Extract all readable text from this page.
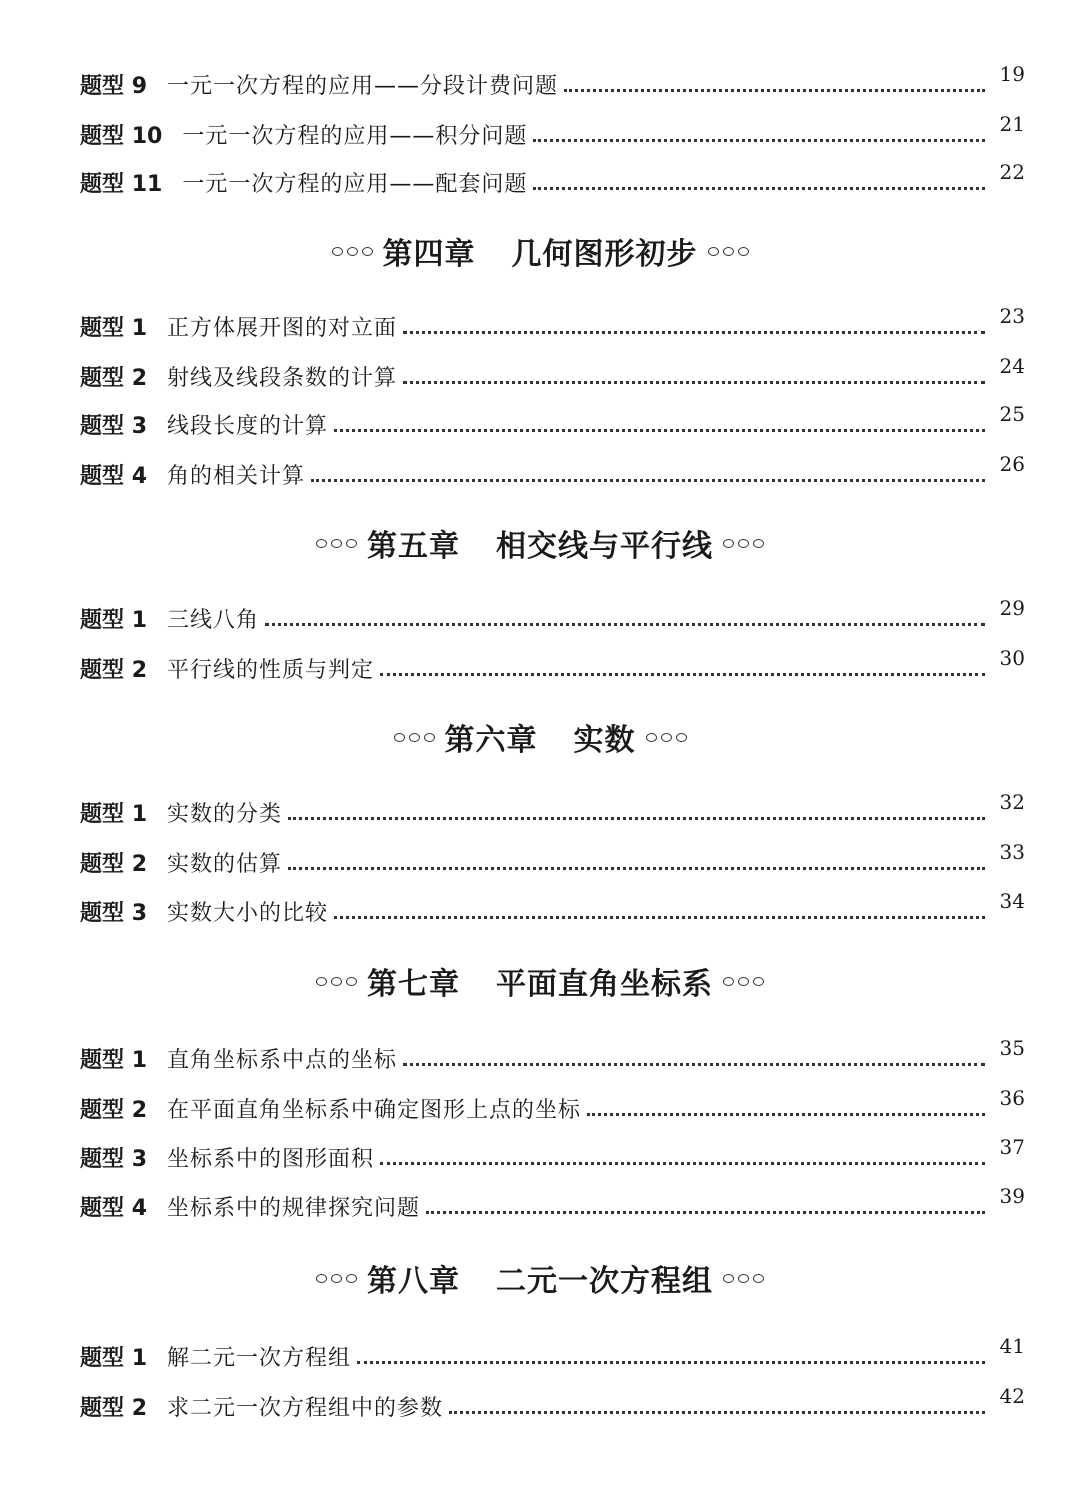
题型 9 一元一次方程的应用——分段计费问题	19
题型 10 一元一次方程的应用——积分问题	21
题型 11 一元一次方程的应用——配套问题	22
第四章 几何图形初步
题型 1 正方体展开图的对立面	23
题型 2 射线及线段条数的计算	24
题型 3 线段长度的计算	25
题型 4 角的相关计算	26
第五章 相交线与平行线
题型 1 三线八角	29
题型 2 平行线的性质与判定	30
第六章 实数
题型 1 实数的分类	32
题型 2 实数的估算	33
题型 3 实数大小的比较	34
第七章 平面直角坐标系
题型 1 直角坐标系中点的坐标	35
题型 2 在平面直角坐标系中确定图形上点的坐标	36
题型 3 坐标系中的图形面积	37
题型 4 坐标系中的规律探究问题	39
第八章 二元一次方程组
题型 1 解二元一次方程组	41
题型 2 求二元一次方程组中的参数	42
